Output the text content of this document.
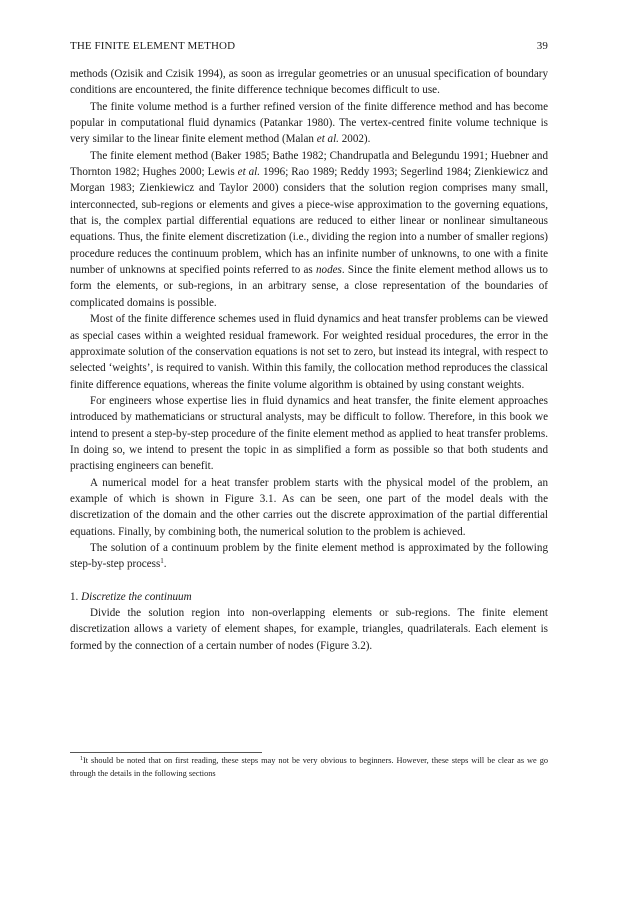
THE FINITE ELEMENT METHOD	39

methods (Ozisik and Czisik 1994), as soon as irregular geometries or an unusual specification of boundary conditions are encountered, the finite difference technique becomes difficult to use.

The finite volume method is a further refined version of the finite difference method and has become popular in computational fluid dynamics (Patankar 1980). The vertex-centred finite volume technique is very similar to the linear finite element method (Malan et al. 2002).

The finite element method (Baker 1985; Bathe 1982; Chandrupatla and Belegundu 1991; Huebner and Thornton 1982; Hughes 2000; Lewis et al. 1996; Rao 1989; Reddy 1993; Segerlind 1984; Zienkiewicz and Morgan 1983; Zienkiewicz and Taylor 2000) considers that the solution region comprises many small, interconnected, sub-regions or elements and gives a piece-wise approximation to the governing equations, that is, the complex partial differential equations are reduced to either linear or nonlinear simultaneous equations. Thus, the finite element discretization (i.e., dividing the region into a number of smaller regions) procedure reduces the continuum problem, which has an infinite number of unknowns, to one with a finite number of unknowns at specified points referred to as nodes. Since the finite element method allows us to form the elements, or sub-regions, in an arbitrary sense, a close representation of the boundaries of complicated domains is possible.

Most of the finite difference schemes used in fluid dynamics and heat transfer problems can be viewed as special cases within a weighted residual framework. For weighted residual procedures, the error in the approximate solution of the conservation equations is not set to zero, but instead its integral, with respect to selected ‘weights’, is required to vanish. Within this family, the collocation method reproduces the classical finite difference equations, whereas the finite volume algorithm is obtained by using constant weights.

For engineers whose expertise lies in fluid dynamics and heat transfer, the finite element approaches introduced by mathematicians or structural analysts, may be difficult to follow. Therefore, in this book we intend to present a step-by-step procedure of the finite element method as applied to heat transfer problems. In doing so, we intend to present the topic in as simplified a form as possible so that both students and practising engineers can benefit.

A numerical model for a heat transfer problem starts with the physical model of the problem, an example of which is shown in Figure 3.1. As can be seen, one part of the model deals with the discretization of the domain and the other carries out the discrete approximation of the partial differential equations. Finally, by combining both, the numerical solution to the problem is achieved.

The solution of a continuum problem by the finite element method is approximated by the following step-by-step process$^1$.

1. Discretize the continuum

Divide the solution region into non-overlapping elements or sub-regions. The finite element discretization allows a variety of element shapes, for example, triangles, quadrilaterals. Each element is formed by the connection of a certain number of nodes (Figure 3.2).

$^1$It should be noted that on first reading, these steps may not be very obvious to beginners. However, these steps will be clear as we go through the details in the following sections
